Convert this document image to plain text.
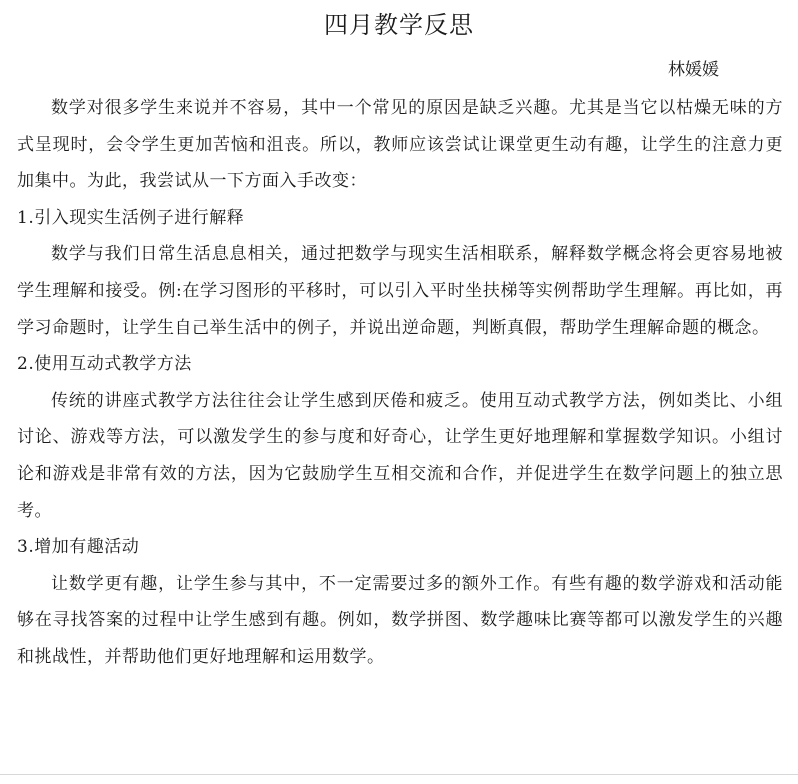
四月教学反思
林媛媛

数学对很多学生来说并不容易，其中一个常见的原因是缺乏兴趣。尤其是当它以枯燥无味的方式呈现时，会令学生更加苦恼和沮丧。所以，教师应该尝试让课堂更生动有趣，让学生的注意力更加集中。为此，我尝试从一下方面入手改变：

1.引入现实生活例子进行解释

数学与我们日常生活息息相关，通过把数学与现实生活相联系，解释数学概念将会更容易地被学生理解和接受。例:在学习图形的平移时，可以引入平时坐扶梯等实例帮助学生理解。再比如，再学习命题时，让学生自己举生活中的例子，并说出逆命题，判断真假，帮助学生理解命题的概念。

2.使用互动式教学方法

传统的讲座式教学方法往往会让学生感到厌倦和疲乏。使用互动式教学方法，例如类比、小组讨论、游戏等方法，可以激发学生的参与度和好奇心，让学生更好地理解和掌握数学知识。小组讨论和游戏是非常有效的方法，因为它鼓励学生互相交流和合作，并促进学生在数学问题上的独立思考。

3.增加有趣活动

让数学更有趣，让学生参与其中，不一定需要过多的额外工作。有些有趣的数学游戏和活动能够在寻找答案的过程中让学生感到有趣。例如，数学拼图、数学趣味比赛等都可以激发学生的兴趣和挑战性，并帮助他们更好地理解和运用数学。
